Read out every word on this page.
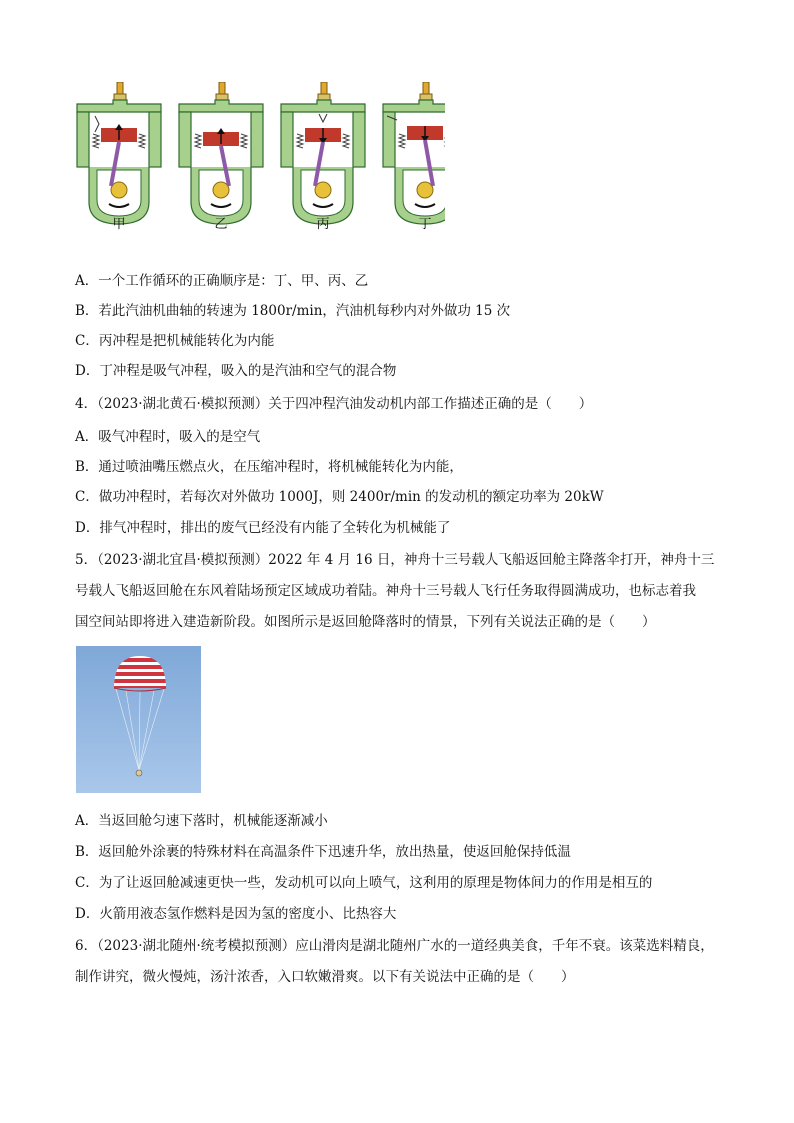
甲	乙	丙	丁
A．一个工作循环的正确顺序是：丁、甲、丙、乙
B．若此汽油机曲轴的转速为 1800r/min，汽油机每秒内对外做功 15 次
C．丙冲程是把机械能转化为内能
D．丁冲程是吸气冲程，吸入的是汽油和空气的混合物
4．（2023·湖北黄石·模拟预测）关于四冲程汽油发动机内部工作描述正确的是（　　）
A．吸气冲程时，吸入的是空气
B．通过喷油嘴压燃点火，在压缩冲程时，将机械能转化为内能，
C．做功冲程时，若每次对外做功 1000J，则 2400r/min 的发动机的额定功率为 20kW
D．排气冲程时，排出的废气已经没有内能了全转化为机械能了
5．（2023·湖北宜昌·模拟预测）2022 年 4 月 16 日，神舟十三号载人飞船返回舱主降落伞打开，神舟十三
号载人飞船返回舱在东风着陆场预定区域成功着陆。神舟十三号载人飞行任务取得圆满成功，也标志着我
国空间站即将进入建造新阶段。如图所示是返回舱降落时的情景，下列有关说法正确的是（　　）
A．当返回舱匀速下落时，机械能逐渐减小
B．返回舱外涂裹的特殊材料在高温条件下迅速升华，放出热量，使返回舱保持低温
C．为了让返回舱减速更快一些，发动机可以向上喷气，这利用的原理是物体间力的作用是相互的
D．火箭用液态氢作燃料是因为氢的密度小、比热容大
6．（2023·湖北随州·统考模拟预测）应山滑肉是湖北随州广水的一道经典美食，千年不衰。该菜选料精良，
制作讲究，微火慢炖，汤汁浓香，入口软嫩滑爽。以下有关说法中正确的是（　　）
